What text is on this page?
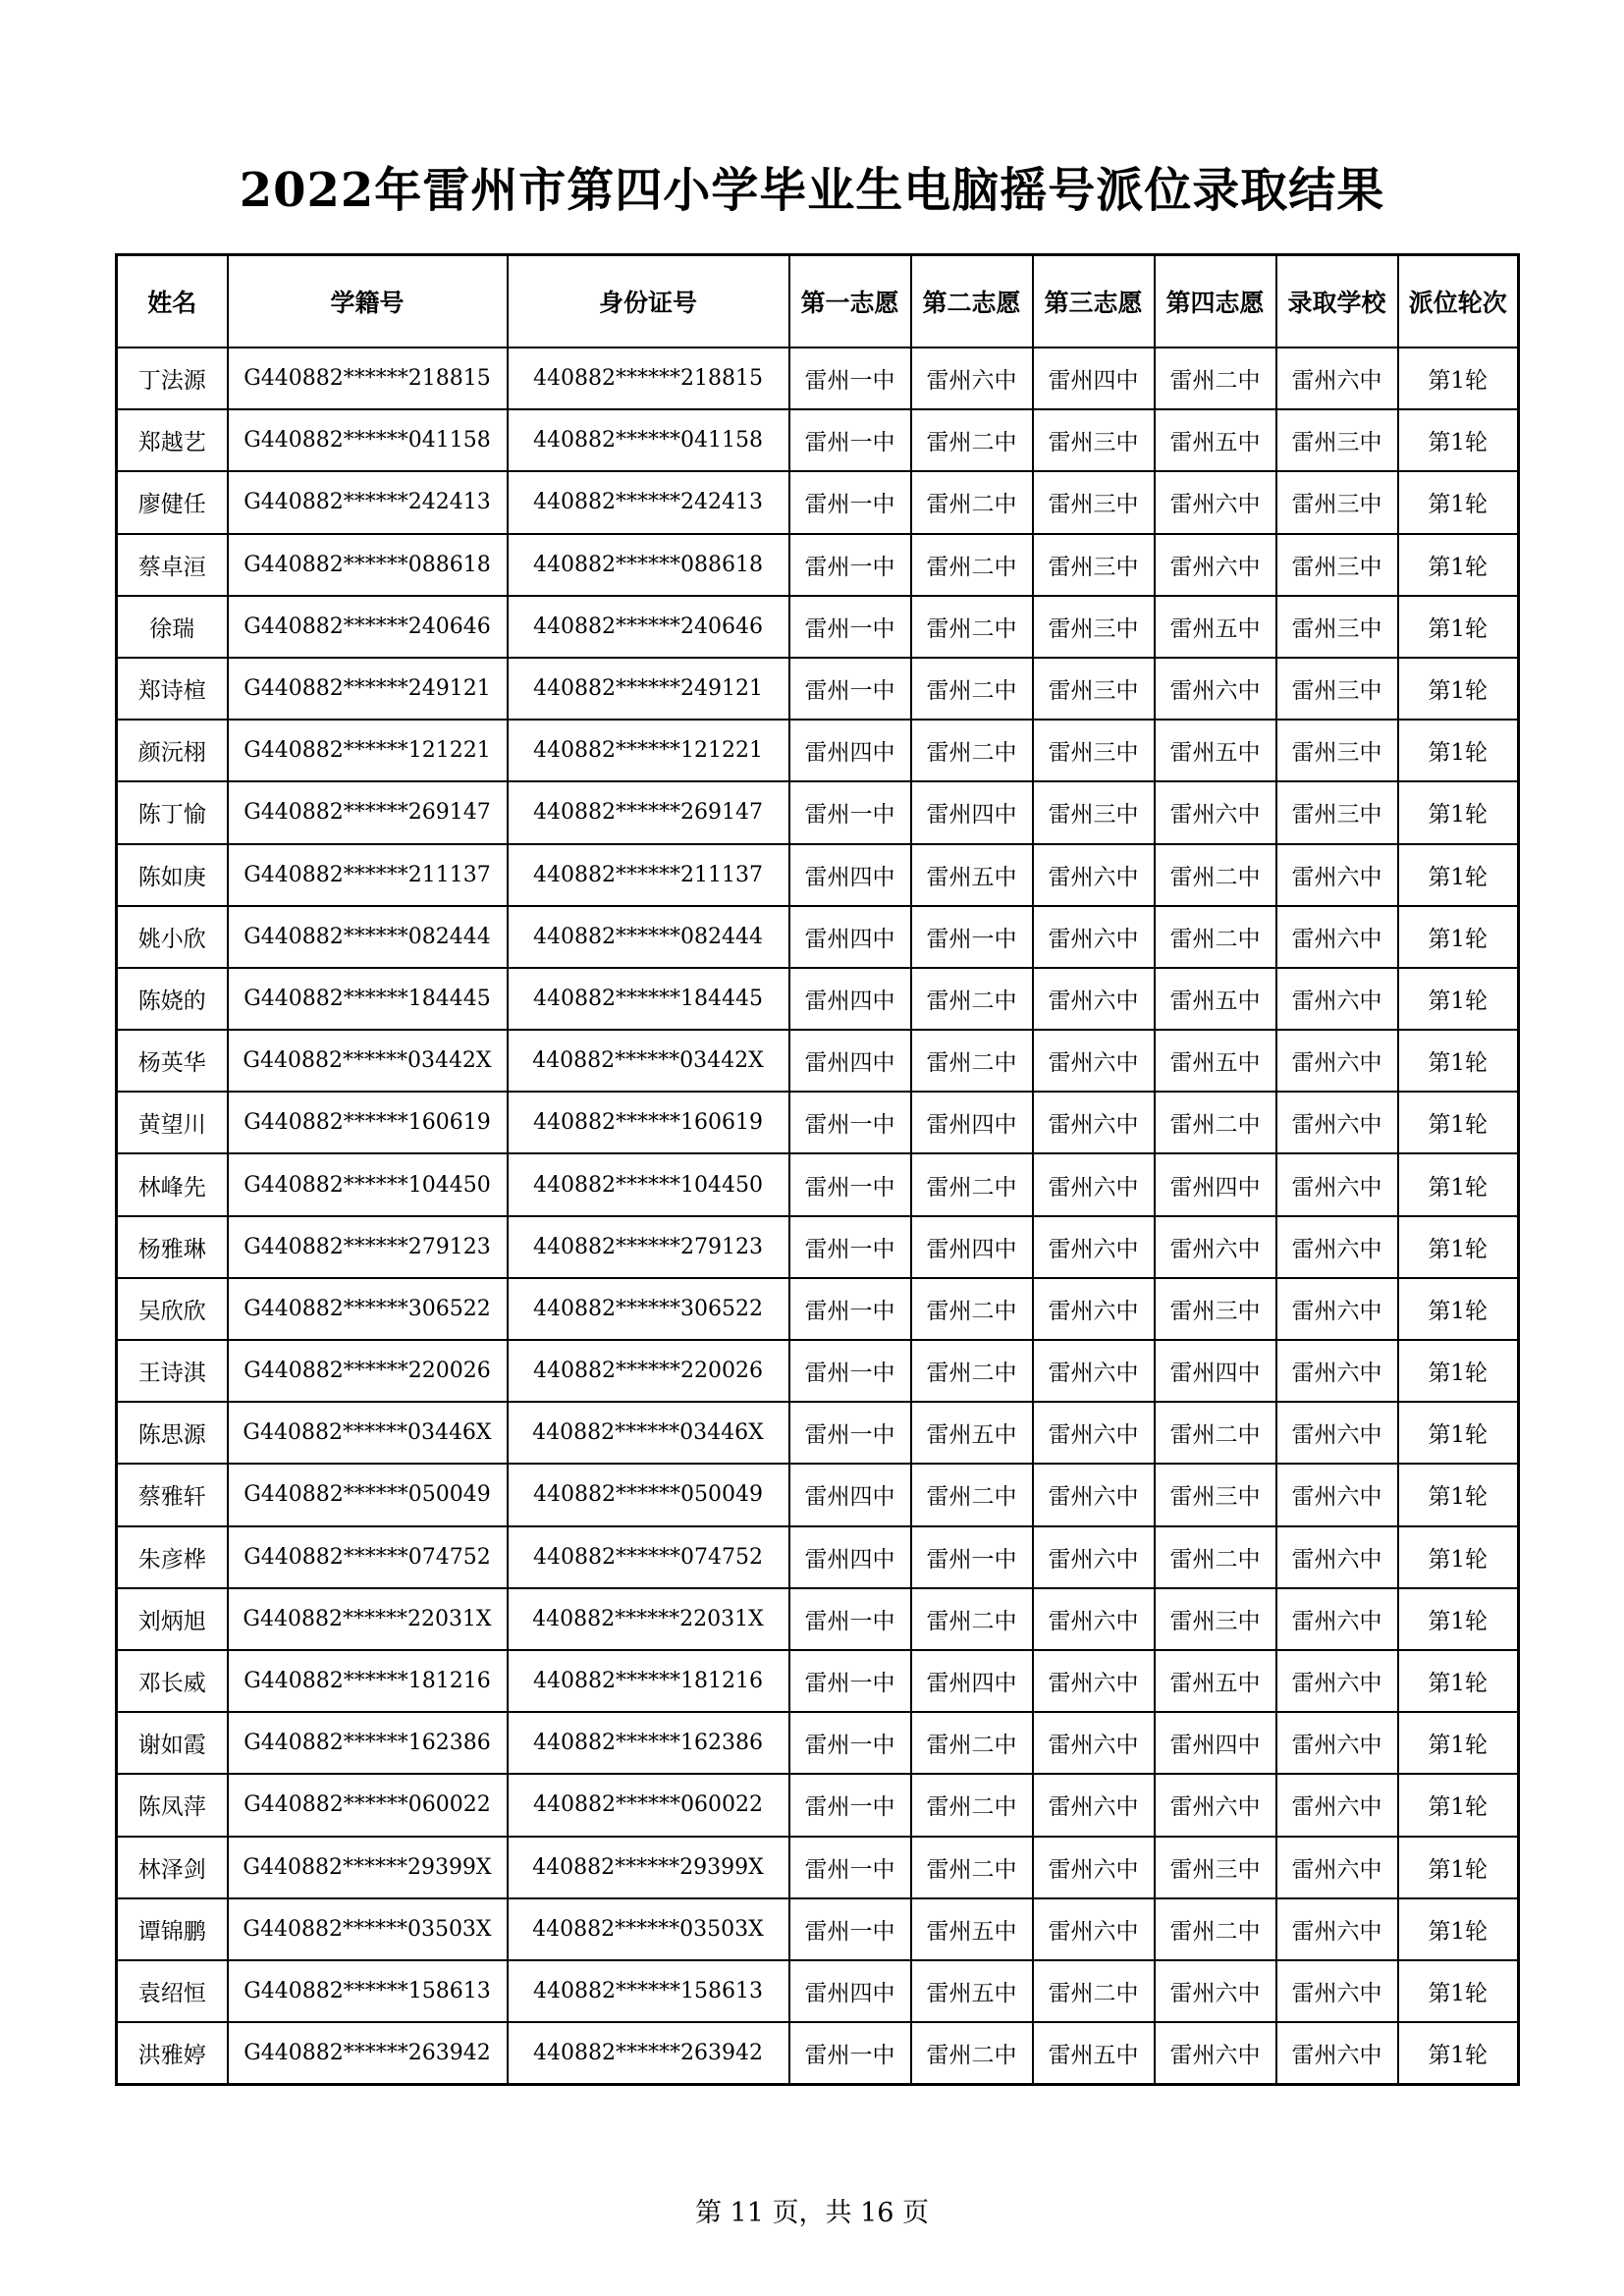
2022年雷州市第四小学毕业生电脑摇号派位录取结果
姓名	学籍号	身份证号	第一志愿	第二志愿	第三志愿	第四志愿	录取学校	派位轮次
丁法源	G440882******218815	440882******218815	雷州一中	雷州六中	雷州四中	雷州二中	雷州六中	第1轮
郑越艺	G440882******041158	440882******041158	雷州一中	雷州二中	雷州三中	雷州五中	雷州三中	第1轮
廖健任	G440882******242413	440882******242413	雷州一中	雷州二中	雷州三中	雷州六中	雷州三中	第1轮
蔡卓洹	G440882******088618	440882******088618	雷州一中	雷州二中	雷州三中	雷州六中	雷州三中	第1轮
徐瑞	G440882******240646	440882******240646	雷州一中	雷州二中	雷州三中	雷州五中	雷州三中	第1轮
郑诗楦	G440882******249121	440882******249121	雷州一中	雷州二中	雷州三中	雷州六中	雷州三中	第1轮
颜沅栩	G440882******121221	440882******121221	雷州四中	雷州二中	雷州三中	雷州五中	雷州三中	第1轮
陈丁愉	G440882******269147	440882******269147	雷州一中	雷州四中	雷州三中	雷州六中	雷州三中	第1轮
陈如庚	G440882******211137	440882******211137	雷州四中	雷州五中	雷州六中	雷州二中	雷州六中	第1轮
姚小欣	G440882******082444	440882******082444	雷州四中	雷州一中	雷州六中	雷州二中	雷州六中	第1轮
陈娆的	G440882******184445	440882******184445	雷州四中	雷州二中	雷州六中	雷州五中	雷州六中	第1轮
杨英华	G440882******03442X	440882******03442X	雷州四中	雷州二中	雷州六中	雷州五中	雷州六中	第1轮
黄望川	G440882******160619	440882******160619	雷州一中	雷州四中	雷州六中	雷州二中	雷州六中	第1轮
林峰先	G440882******104450	440882******104450	雷州一中	雷州二中	雷州六中	雷州四中	雷州六中	第1轮
杨雅琳	G440882******279123	440882******279123	雷州一中	雷州四中	雷州六中	雷州六中	雷州六中	第1轮
吴欣欣	G440882******306522	440882******306522	雷州一中	雷州二中	雷州六中	雷州三中	雷州六中	第1轮
王诗淇	G440882******220026	440882******220026	雷州一中	雷州二中	雷州六中	雷州四中	雷州六中	第1轮
陈思源	G440882******03446X	440882******03446X	雷州一中	雷州五中	雷州六中	雷州二中	雷州六中	第1轮
蔡雅轩	G440882******050049	440882******050049	雷州四中	雷州二中	雷州六中	雷州三中	雷州六中	第1轮
朱彦桦	G440882******074752	440882******074752	雷州四中	雷州一中	雷州六中	雷州二中	雷州六中	第1轮
刘炳旭	G440882******22031X	440882******22031X	雷州一中	雷州二中	雷州六中	雷州三中	雷州六中	第1轮
邓长威	G440882******181216	440882******181216	雷州一中	雷州四中	雷州六中	雷州五中	雷州六中	第1轮
谢如霞	G440882******162386	440882******162386	雷州一中	雷州二中	雷州六中	雷州四中	雷州六中	第1轮
陈凤萍	G440882******060022	440882******060022	雷州一中	雷州二中	雷州六中	雷州六中	雷州六中	第1轮
林泽剑	G440882******29399X	440882******29399X	雷州一中	雷州二中	雷州六中	雷州三中	雷州六中	第1轮
谭锦鹏	G440882******03503X	440882******03503X	雷州一中	雷州五中	雷州六中	雷州二中	雷州六中	第1轮
袁绍恒	G440882******158613	440882******158613	雷州四中	雷州五中	雷州二中	雷州六中	雷州六中	第1轮
洪雅婷	G440882******263942	440882******263942	雷州一中	雷州二中	雷州五中	雷州六中	雷州六中	第1轮
第 11 页，共 16 页
